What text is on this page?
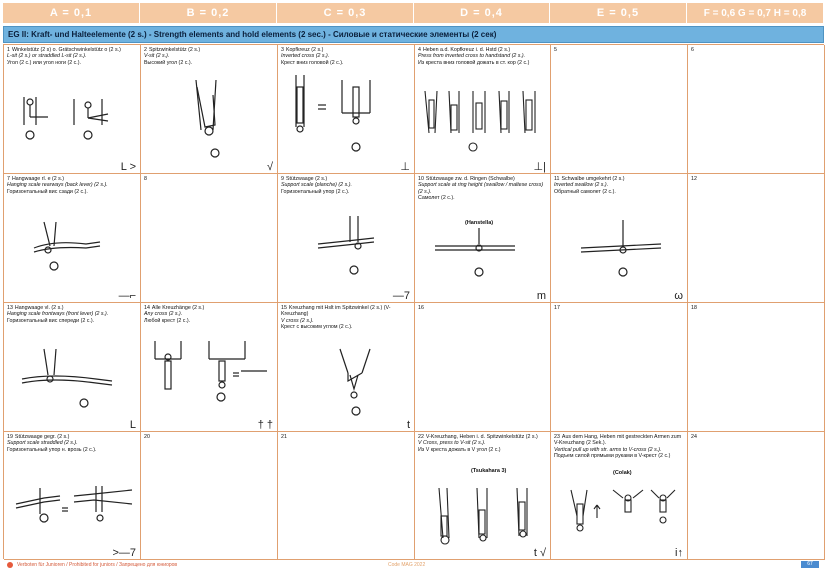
A = 0,1	B = 0,2	C = 0,3	D = 0,4	E = 0,5	F = 0,6 G = 0,7 H = 0,8
EG II: Kraft- und Halteelemente (2 s.) - Strength elements and hold elements (2 sec.) - Силовые и статические элементы (2 сек)
1 Winkelstütz (2 s) o. Grätschwinkelstütz o (2 s.)
L-sit (2 s.) or straddled L-sit (2 s.).
Угол (2 с.) или угол ноги (2 с.).
L >
2 Spitzwinkelstütz (2 s.)
V-sit (2 s.).
Высокий угол (2 с.).
√
3 Kopfkreuz (2 s.)
Inverted cross (2 s.).
Крест вниз головой (2 с.).
⊥
4 Heben a.d. Kopfkreuz i. d. Hstd (2 s.)
Press from inverted cross to handstand (2 s.).
Из креста вниз головой дожать в ст. кор (2 с.)
⊥|
5	6
7 Hangwaage rl. e (2 s.)
Hanging scale rearways (back lever) (2 s.).
Горизонтальный вис сзади (2 с.).
—⌐
8	9 Stützwaage (2 s.)
Support scale (planche) (2 s.).
Горизонтальный упор (2 с.).
—7
10 Stützwaage zw. d. Ringen (Schwalbe)
Support scale at ring height (swallow / maltese cross) (2 s.).
Самолет (2 с.).
(Hanstella)
m
11 Schwalbe umgekehrt (2 s.)
Inverted swallow (2 s.).
Обратный самолет (2 с.).
ω
12
13 Hangwaage vl. (2 s.)
Hanging scale frontways (front lever) (2 s.).
Горизонтальный вис спереди (2 с.).
L
14 Alle Kreuzhänge (2 s.)
Any cross (2 s.).
Любой крест (2 с.).
† †
15 Kreuzhang mit Hslt im Spitzwinkel (2 s.) (V-Kreuzhang)
V cross (2 s.).
Крест с высоким углом (2 с.).
t
16	17	18
19 Stützwaage gegr. (2 s.)
Support scale straddled (2 s.).
Горизонтальный упор н. врозь (2 с.).
>—7
20	21	22 V-Kreuzhang, Heben i. d. Spitzwinkelstütz (2 s.)
V Cross, press to V-sit (2 s.).
Из V креста дожать в V угол (2 с.)
(Tsukahara 3)
t √
23 Aus dem Hang, Heben mit gestreckten Armen zum V-Kreuzhang (2 Sek.).
Vertical pull up with str. arms to V-cross (2 s.).
Подъем силой прямыми руками в V-крест (2 с.)
(Colak)
i↑
24
Verboten für Junioren / Prohibited for juniors / Запрещено для юниоров	Code MAG 2022	67
